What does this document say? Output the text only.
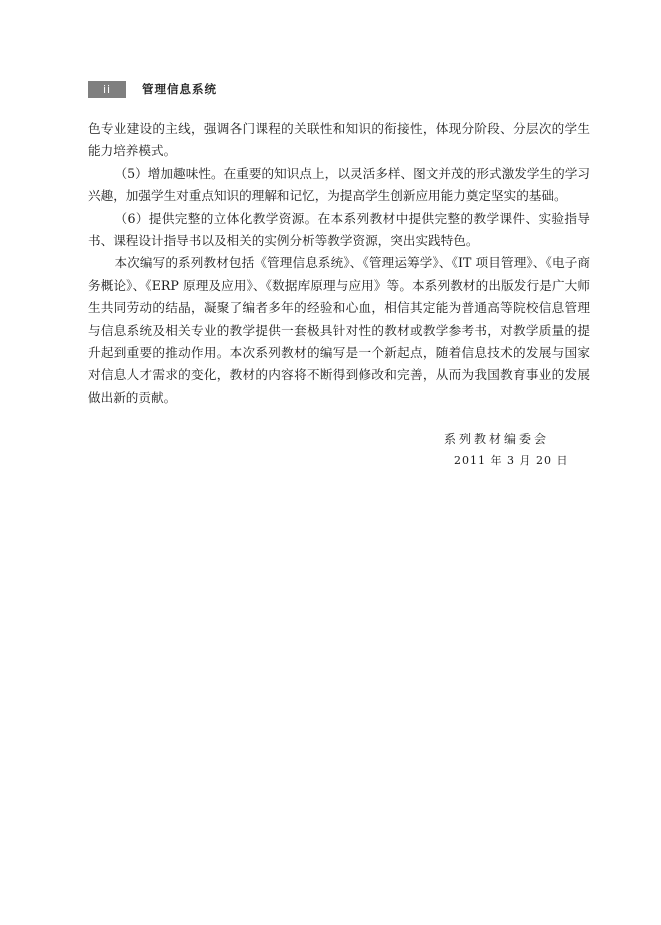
ii	管理信息系统

色专业建设的主线，强调各门课程的关联性和知识的衔接性，体现分阶段、分层次的学生能力培养模式。

（5）增加趣味性。在重要的知识点上，以灵活多样、图文并茂的形式激发学生的学习兴趣，加强学生对重点知识的理解和记忆，为提高学生创新应用能力奠定坚实的基础。

（6）提供完整的立体化教学资源。在本系列教材中提供完整的教学课件、实验指导书、课程设计指导书以及相关的实例分析等教学资源，突出实践特色。

本次编写的系列教材包括《管理信息系统》、《管理运筹学》、《IT 项目管理》、《电子商务概论》、《ERP 原理及应用》、《数据库原理与应用》等。本系列教材的出版发行是广大师生共同劳动的结晶，凝聚了编者多年的经验和心血，相信其定能为普通高等院校信息管理与信息系统及相关专业的教学提供一套极具针对性的教材或教学参考书，对教学质量的提升起到重要的推动作用。本次系列教材的编写是一个新起点，随着信息技术的发展与国家对信息人才需求的变化，教材的内容将不断得到修改和完善，从而为我国教育事业的发展做出新的贡献。

系列教材编委会
2011 年 3 月 20 日
